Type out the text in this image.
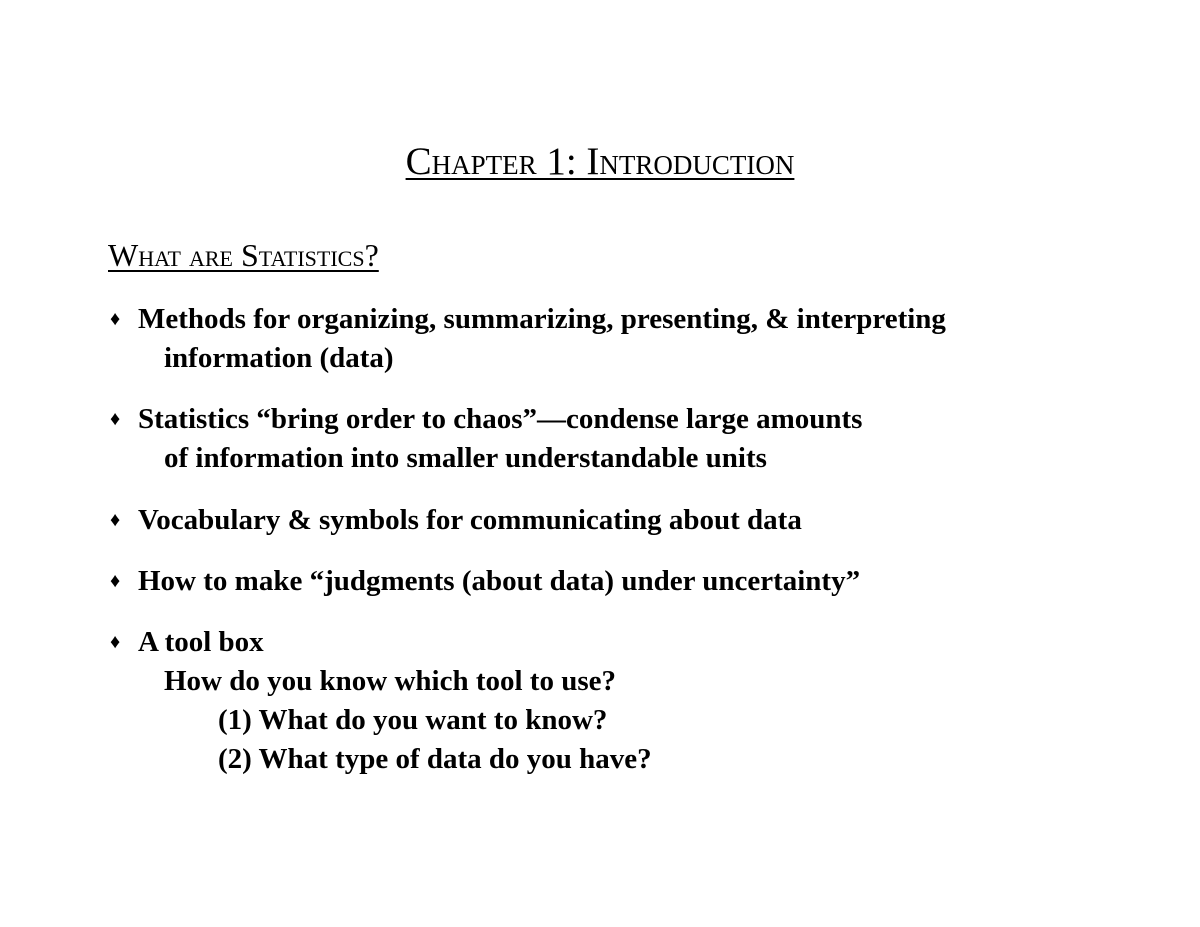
Chapter 1: Introduction
What are Statistics?
♦ Methods for organizing, summarizing, presenting, & interpreting
information (data)
♦ Statistics “bring order to chaos”—condense large amounts
of information into smaller understandable units
♦ Vocabulary & symbols for communicating about data
♦ How to make “judgments (about data) under uncertainty”
♦ A tool box
How do you know which tool to use?
(1) What do you want to know?
(2) What type of data do you have?
